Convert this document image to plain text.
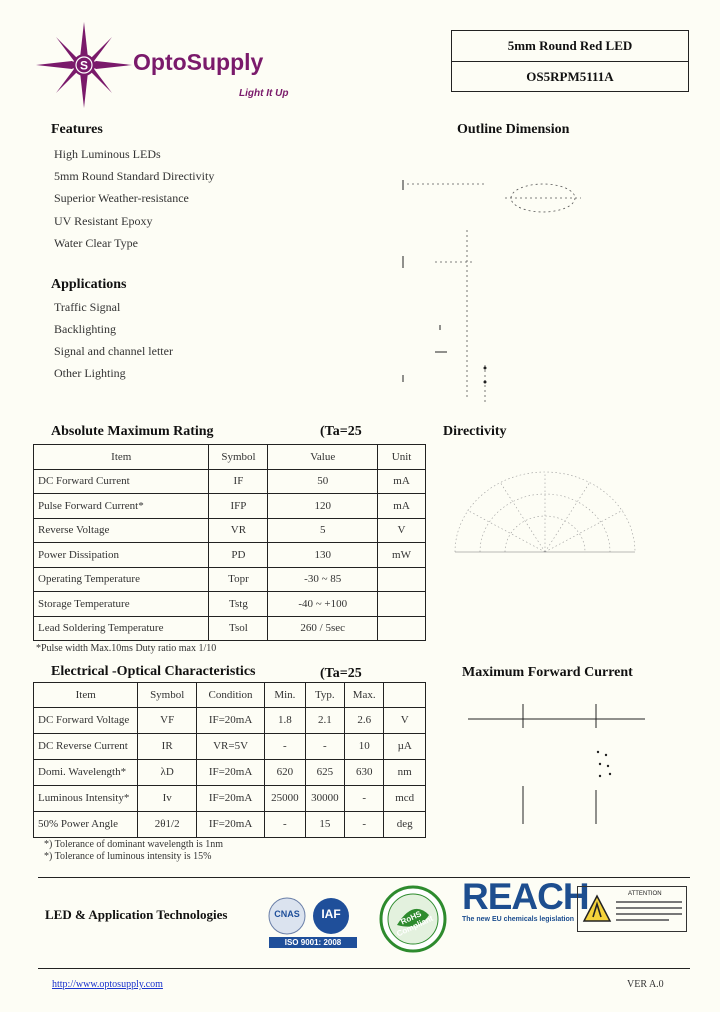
S OptoSupply
Light It Up
5mm Round Red LED
OS5RPM5111A
Features
High Luminous LEDs
5mm Round Standard Directivity
Superior Weather-resistance
UV Resistant Epoxy
Water Clear Type
Applications
Traffic Signal
Backlighting
Signal and channel letter
Other Lighting
Outline Dimension
Absolute Maximum Rating	(Ta=25
Item	Symbol	Value	Unit
DC Forward Current	IF	50	mA
Pulse Forward Current*	IFP	120	mA
Reverse Voltage	VR	5	V
Power Dissipation	PD	130	mW
Operating Temperature	Topr	-30 ~ 85	
Storage Temperature	Tstg	-40 ~ +100	
Lead Soldering Temperature	Tsol	260 / 5sec	
*Pulse width Max.10ms Duty ratio max 1/10
Directivity
Electrical -Optical Characteristics	(Ta=25
Item	Symbol	Condition	Min.	Typ.	Max.	
DC Forward Voltage	VF	IF=20mA	1.8	2.1	2.6	V
DC Reverse Current	IR	VR=5V	-	-	10	µA
Domi. Wavelength*	λD	IF=20mA	620	625	630	nm
Luminous Intensity*	Iv	IF=20mA	25000	30000	-	mcd
50% Power Angle	2θ1/2	IF=20mA	-	15	-	deg
*) Tolerance of dominant wavelength is 1nm
*) Tolerance of luminous intensity is 15%
Maximum Forward Current
LED & Application Technologies	CNAS	IAF
ISO 9001: 2008
RoHS Compliant
REACH
The new EU chemicals legislation
ATTENTION
http://www.optosupply.com	VER A.0
